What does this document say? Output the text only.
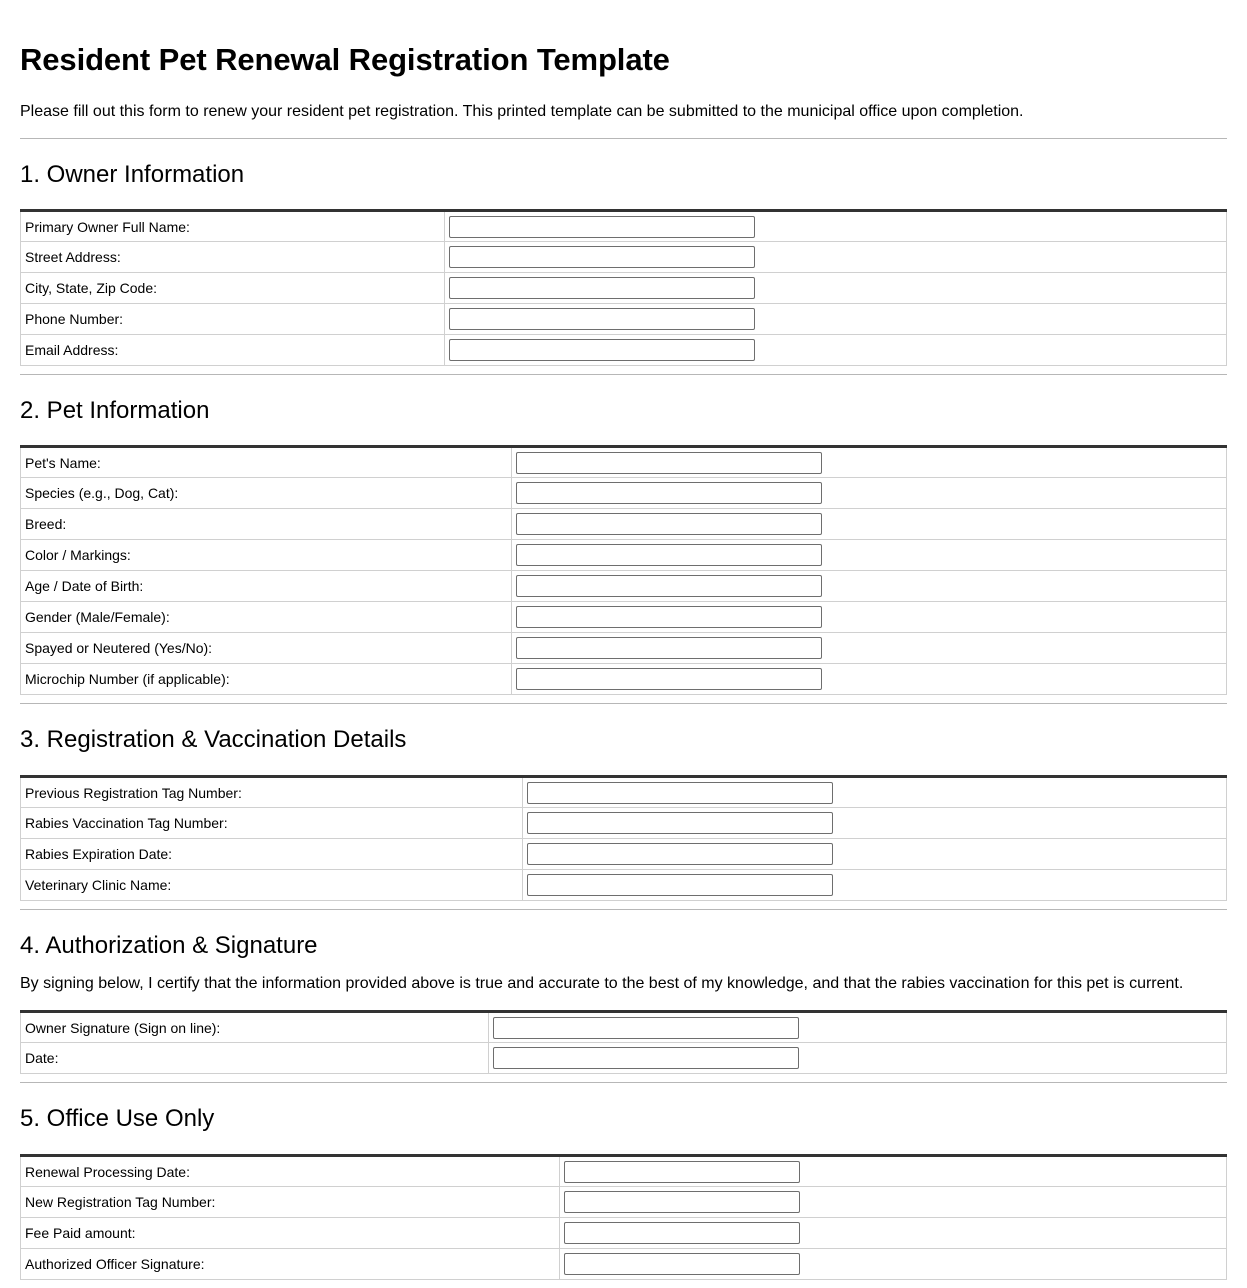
Resident Pet Renewal Registration Template

Please fill out this form to renew your resident pet registration. This printed template can be submitted to the municipal office upon completion.

1. Owner Information
Primary Owner Full Name:	

Street Address:	

City, State, Zip Code:	

Phone Number:	

Email Address:	
2. Pet Information
Pet's Name:	

Species (e.g., Dog, Cat):	

Breed:	

Color / Markings:	

Age / Date of Birth:	

Gender (Male/Female):	

Spayed or Neutered (Yes/No):	

Microchip Number (if applicable):	
3. Registration & Vaccination Details
Previous Registration Tag Number:	

Rabies Vaccination Tag Number:	

Rabies Expiration Date:	

Veterinary Clinic Name:	
4. Authorization & Signature

By signing below, I certify that the information provided above is true and accurate to the best of my knowledge, and that the rabies vaccination for this pet is current.

Owner Signature (Sign on line):	

Date:	
5. Office Use Only
Renewal Processing Date:	

New Registration Tag Number:	

Fee Paid amount:	

Authorized Officer Signature:	
